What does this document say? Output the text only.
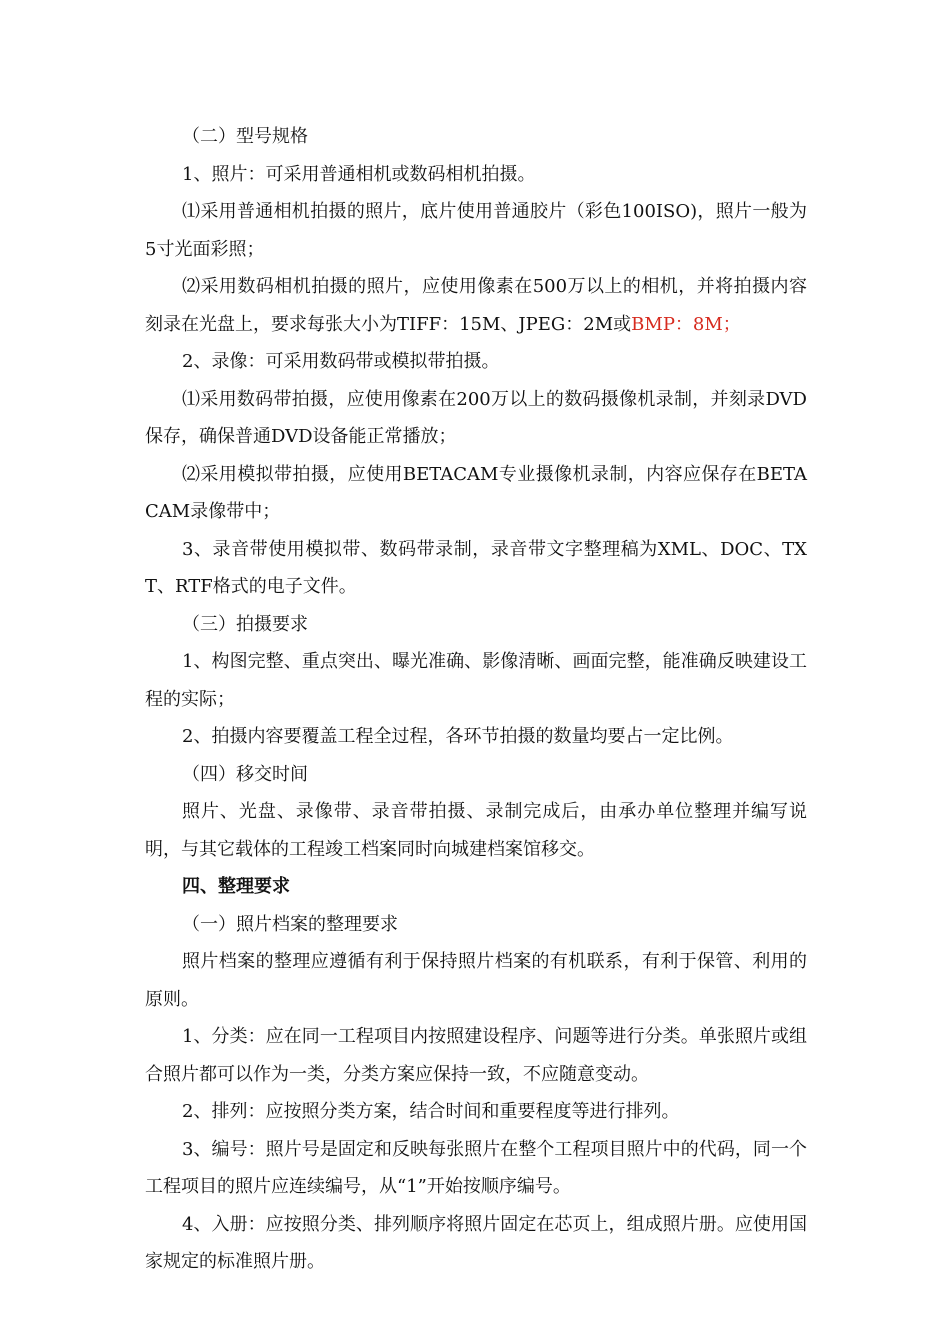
（二）型号规格

1、照片：可采用普通相机或数码相机拍摄。

⑴采用普通相机拍摄的照片，底片使用普通胶片（彩色100ISO)，照片一般为5寸光面彩照；

⑵采用数码相机拍摄的照片，应使用像素在500万以上的相机，并将拍摄内容刻录在光盘上，要求每张大小为TIFF：15M、JPEG：2M或BMP：8M；

2、录像：可采用数码带或模拟带拍摄。

⑴采用数码带拍摄，应使用像素在200万以上的数码摄像机录制，并刻录DVD保存，确保普通DVD设备能正常播放；

⑵采用模拟带拍摄，应使用BETACAM专业摄像机录制，内容应保存在BETACAM录像带中；

3、录音带使用模拟带、数码带录制，录音带文字整理稿为XML、DOC、TXT、RTF格式的电子文件。

（三）拍摄要求

1、构图完整、重点突出、曝光准确、影像清晰、画面完整，能准确反映建设工程的实际；

2、拍摄内容要覆盖工程全过程，各环节拍摄的数量均要占一定比例。

（四）移交时间

照片、光盘、录像带、录音带拍摄、录制完成后，由承办单位整理并编写说明，与其它载体的工程竣工档案同时向城建档案馆移交。

四、整理要求

（一）照片档案的整理要求

照片档案的整理应遵循有利于保持照片档案的有机联系，有利于保管、利用的原则。

1、分类：应在同一工程项目内按照建设程序、问题等进行分类。单张照片或组合照片都可以作为一类，分类方案应保持一致，不应随意变动。

2、排列：应按照分类方案，结合时间和重要程度等进行排列。

3、编号：照片号是固定和反映每张照片在整个工程项目照片中的代码，同一个工程项目的照片应连续编号，从“1”开始按顺序编号。

4、入册：应按照分类、排列顺序将照片固定在芯页上，组成照片册。应使用国家规定的标准照片册。
